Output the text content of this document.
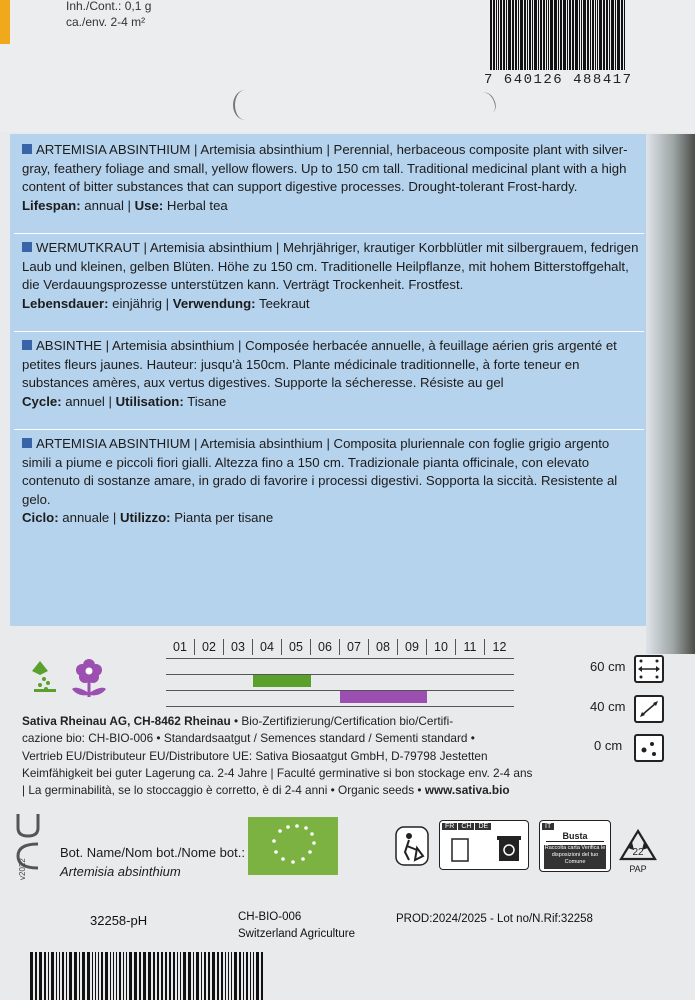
Inh./Cont.: 0,1 g
ca./env. 2-4 m²
7 640126 488417
ARTEMISIA ABSINTHIUM | Artemisia absinthium | Perennial, herbaceous composite plant with silver-gray, feathery foliage and small, yellow flowers. Up to 150 cm tall. Traditional medicinal plant with a high content of bitter substances that can support digestive processes. Drought-tolerant Frost-hardy.
Lifespan: annual | Use: Herbal tea
WERMUTKRAUT | Artemisia absinthium | Mehrjähriger, krautiger Korbblütler mit silbergrauem, fedrigen Laub und kleinen, gelben Blüten. Höhe zu 150 cm. Traditionelle Heilpflanze, mit hohem Bitterstoffgehalt, die Verdauungsprozesse unterstützen kann. Verträgt Trockenheit. Frostfest.
Lebensdauer: einjährig | Verwendung: Teekraut
ABSINTHE | Artemisia absinthium | Composée herbacée annuelle, à feuillage aérien gris argenté et petites fleurs jaunes. Hauteur: jusqu'à 150cm. Plante médicinale traditionnelle, à forte teneur en substances amères, aux vertus digestives. Supporte la sécheresse. Résiste au gel
Cycle: annuel | Utilisation: Tisane
ARTEMISIA ABSINTHIUM | Artemisia absinthium | Composita pluriennale con foglie grigio argento simili a piume e piccoli fiori gialli. Altezza fino a 150 cm. Tradizionale pianta officinale, con elevato contenuto di sostanze amare, in grado di favorire i processi digestivi. Sopporta la siccità. Resistente al gelo.
Ciclo: annuale | Utilizzo: Pianta per tisane
01	02	03	04	05	06	07	08	09	10	11	12
60 cm
40 cm
0 cm
Sativa Rheinau AG, CH-8462 Rheinau • Bio-Zertifizierung/Certification bio/Certifi-
cazione bio: CH-BIO-006 • Standardsaatgut / Semences standard / Sementi standard •
Vertrieb EU/Distributeur EU/Distributore UE: Sativa Biosaatgut GmbH, D-79798 Jestetten
Keimfähigkeit bei guter Lagerung ca. 2-4 Jahre | Faculté germinative si bon stockage env. 2-4 ans
| La germinabilità, se lo stoccaggio è corretto, è di 2-4 anni • Organic seeds • www.sativa.bio
v2022
Bot. Name/Nom bot./Nome bot.:
Artemisia absinthium
FR	CH	DE	IT
Busta
Raccolta carta Verifica le disposizioni del tuo Comune
22
PAP
32258-pH	CH-BIO-006
Switzerland Agriculture
PROD:2024/2025 - Lot no/N.Rif:32258
